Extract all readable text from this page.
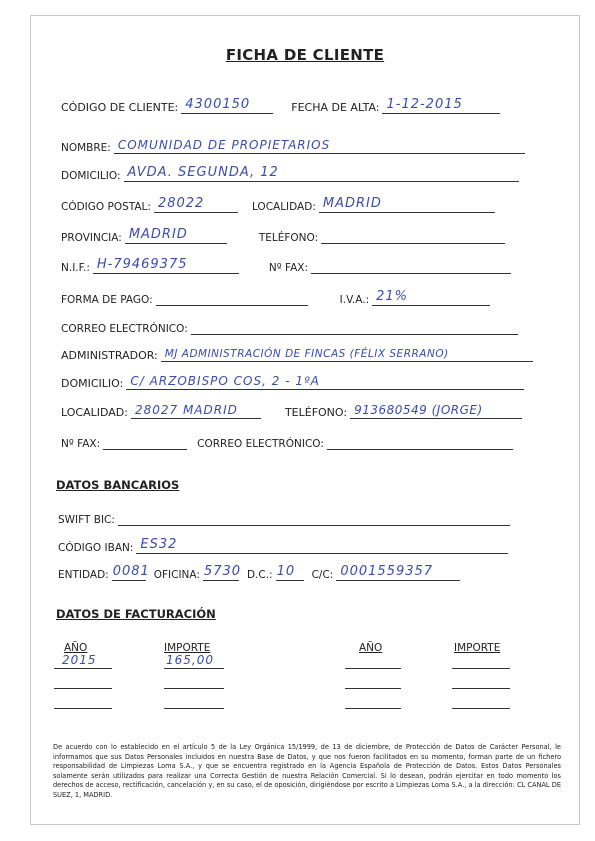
FICHA DE CLIENTE
CÓDIGO DE CLIENTE: 4300150	FECHA DE ALTA: 1-12-2015
NOMBRE: COMUNIDAD DE PROPIETARIOS
DOMICILIO: AVDA. SEGUNDA, 12
CÓDIGO POSTAL: 28022	LOCALIDAD: MADRID
PROVINCIA: MADRID	TELÉFONO:
N.I.F.: H-79469375	Nº FAX:
FORMA DE PAGO:	I.V.A.: 21%
CORREO ELECTRÓNICO:
ADMINISTRADOR: MJ ADMINISTRACIÓN DE FINCAS (FÉLIX SERRANO)
DOMICILIO: C/ ARZOBISPO COS, 2 - 1ºA
LOCALIDAD: 28027 MADRID	TELÉFONO: 913680549 (JORGE)
Nº FAX:	CORREO ELECTRÓNICO:
DATOS BANCARIOS
SWIFT BIC:
CÓDIGO IBAN: ES32
ENTIDAD: 0081 OFICINA: 5730 D.C.: 10 C/C: 0001559357
DATOS DE FACTURACIÓN
AÑO	IMPORTE	AÑO	IMPORTE
2015	165,00
De acuerdo con lo establecido en el artículo 5 de la Ley Orgánica 15/1999, de 13 de diciembre, de Protección de Datos de Carácter Personal, le informamos que sus Datos Personales incluidos en nuestra Base de Datos, y que nos fueron facilitados en su momento, forman parte de un fichero responsabilidad de Limpiezas Loma S.A., y que se encuentra registrado en la Agencia Española de Protección de Datos. Estos Datos Personales solamente serán utilizados para realizar una Correcta Gestión de nuestra Relación Comercial. Si lo desean, podrán ejercitar en todo momento los derechos de acceso, rectificación, cancelación y, en su caso, el de oposición, dirigiéndose por escrito a Limpiezas Loma S.A., a la dirección: CL CANAL DE SUEZ, 1, MADRID.
